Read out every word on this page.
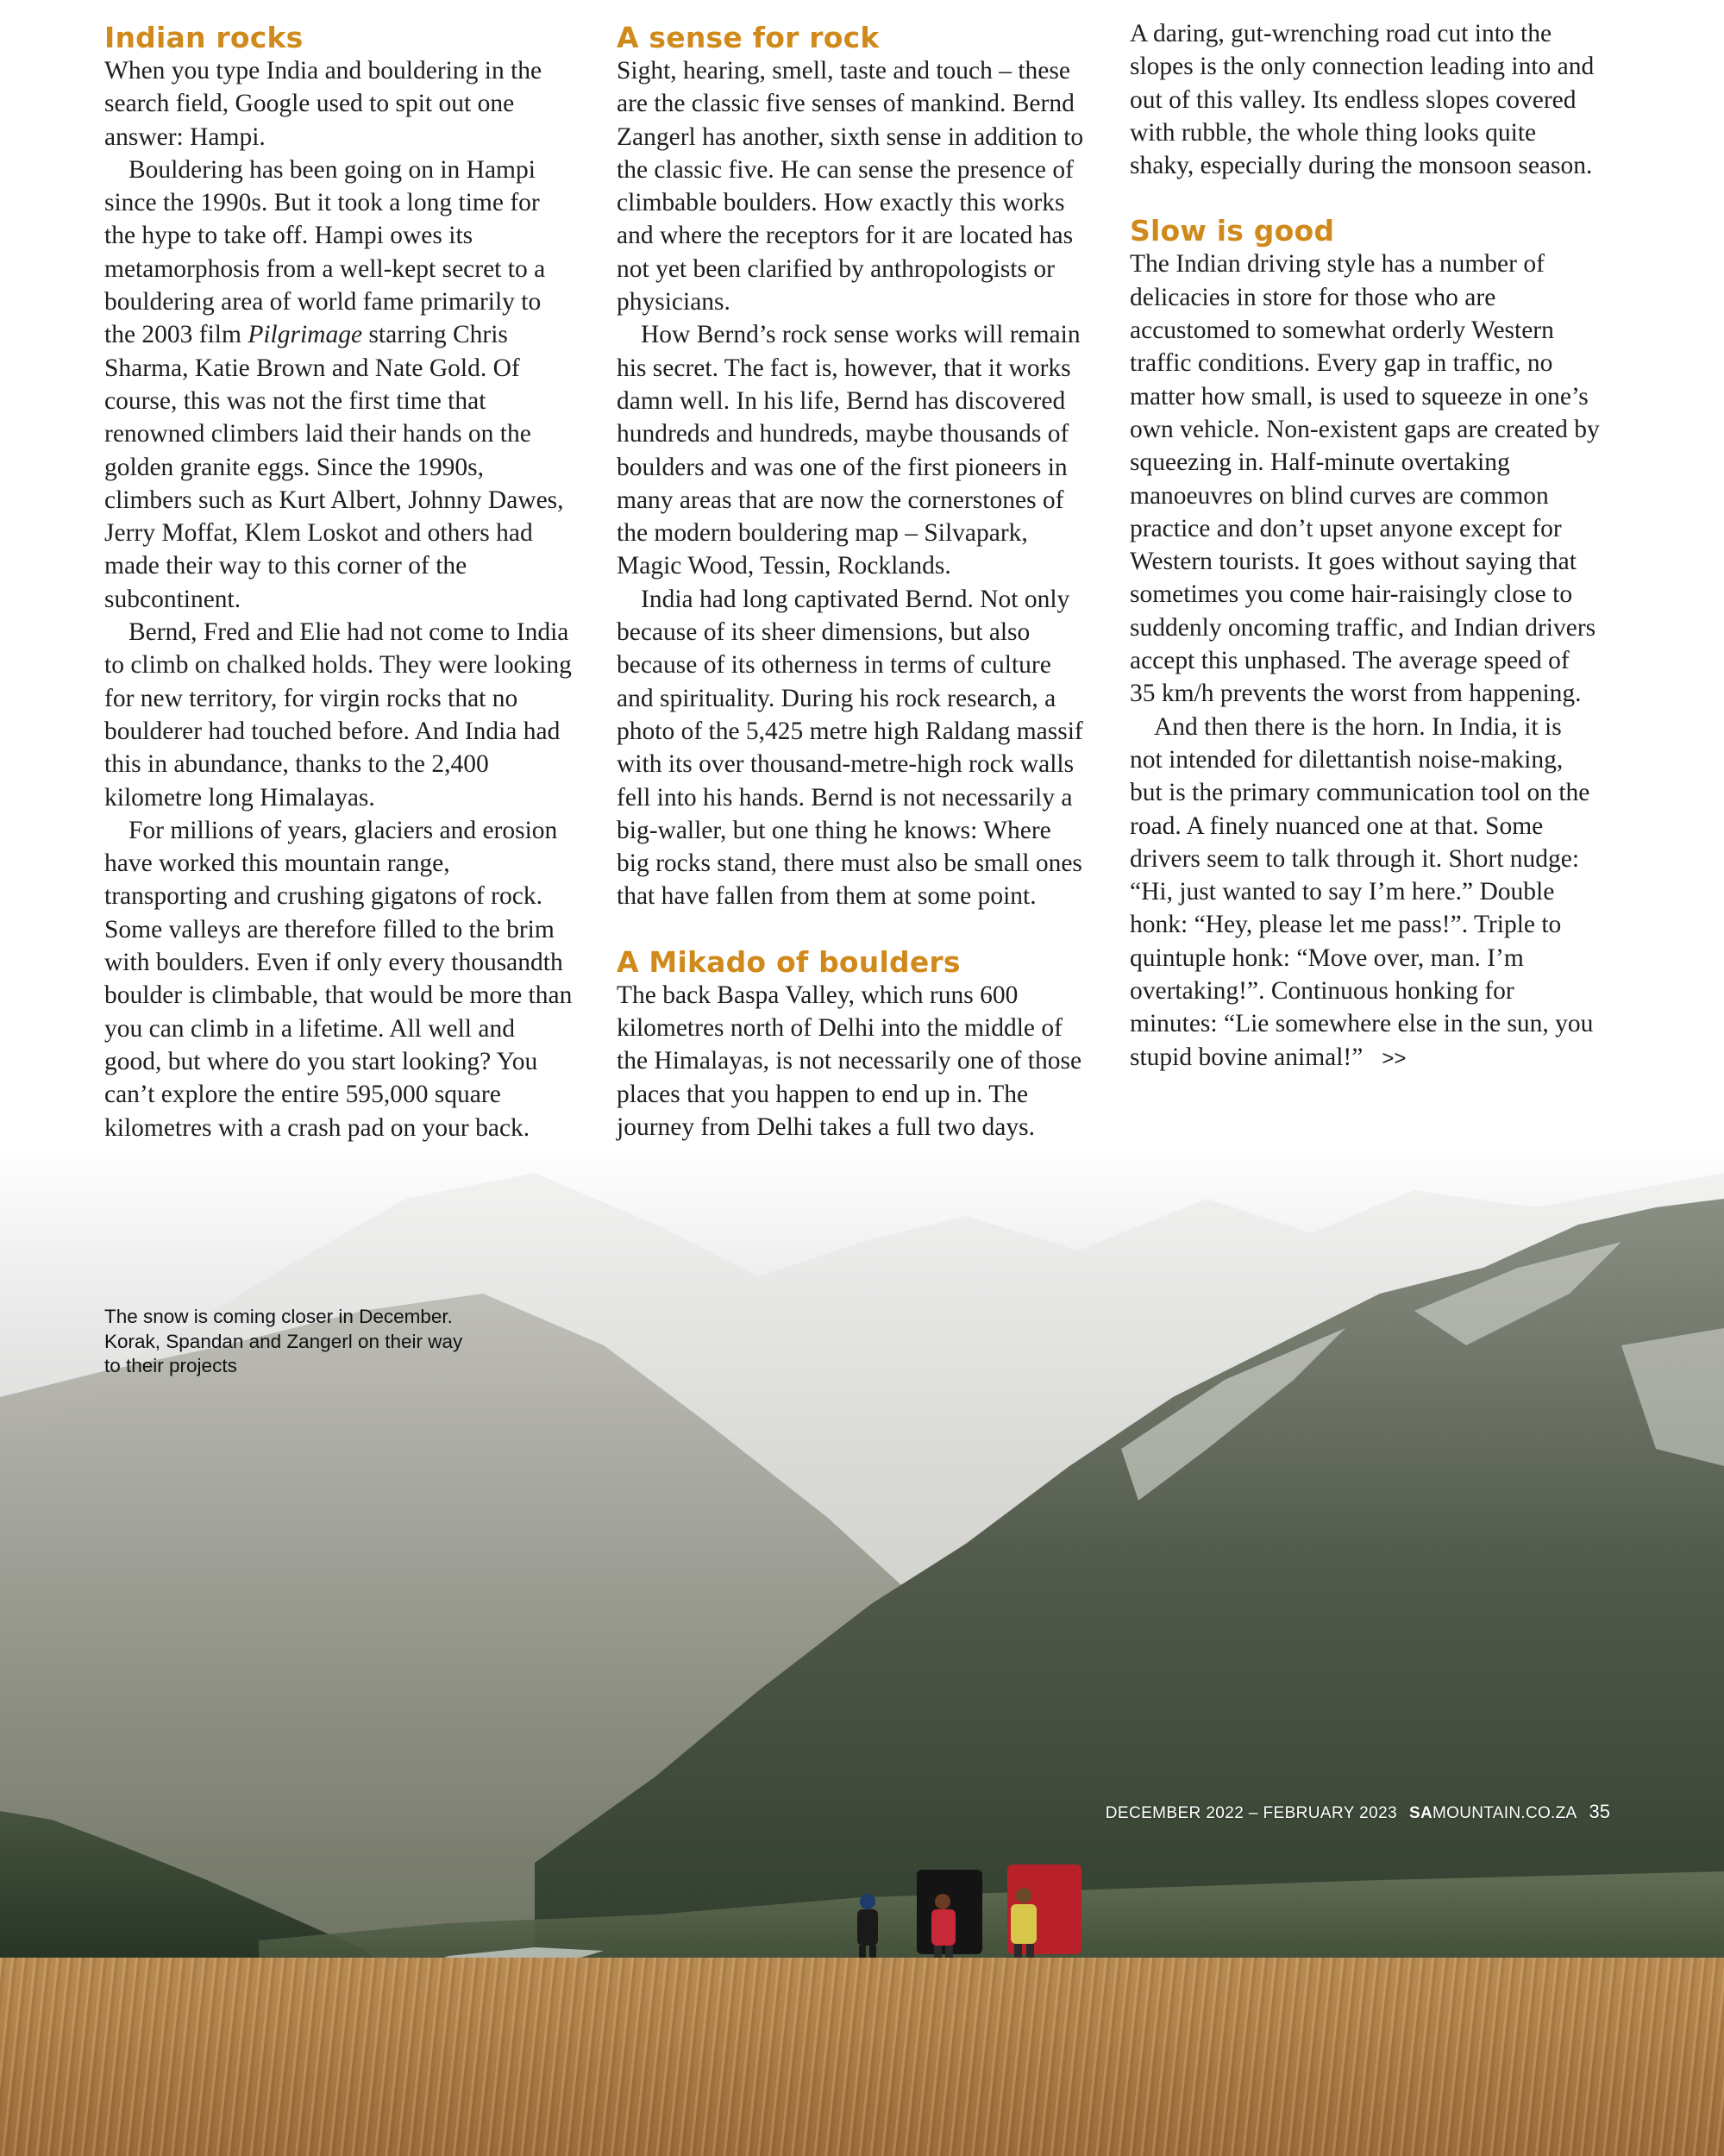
Indian rocks

When you type India and bouldering in the search field, Google used to spit out one answer: Hampi.

Bouldering has been going on in Hampi since the 1990s. But it took a long time for the hype to take off. Hampi owes its metamorphosis from a well-kept secret to a bouldering area of world fame primarily to the 2003 film Pilgrimage starring Chris Sharma, Katie Brown and Nate Gold. Of course, this was not the first time that renowned climbers laid their hands on the golden granite eggs. Since the 1990s, climbers such as Kurt Albert, Johnny Dawes, Jerry Moffat, Klem Loskot and others had made their way to this corner of the subcontinent.

Bernd, Fred and Elie had not come to India to climb on chalked holds. They were looking for new territory, for virgin rocks that no boulderer had touched before. And India had this in abundance, thanks to the 2,400 kilometre long Himalayas.

For millions of years, glaciers and erosion have worked this mountain range, transporting and crushing gigatons of rock. Some valleys are therefore filled to the brim with boulders. Even if only every thousandth boulder is climbable, that would be more than you can climb in a lifetime. All well and good, but where do you start looking? You can’t explore the entire 595,000 square kilometres with a crash pad on your back.

A sense for rock

Sight, hearing, smell, taste and touch – these are the classic five senses of mankind. Bernd Zangerl has another, sixth sense in addition to the classic five. He can sense the presence of climbable boulders. How exactly this works and where the receptors for it are located has not yet been clarified by anthropologists or physicians.

How Bernd’s rock sense works will remain his secret. The fact is, however, that it works damn well. In his life, Bernd has discovered hundreds and hundreds, maybe thousands of boulders and was one of the first pioneers in many areas that are now the cornerstones of the modern bouldering map – Silvapark, Magic Wood, Tessin, Rocklands.

India had long captivated Bernd. Not only because of its sheer dimensions, but also because of its otherness in terms of culture and spirituality. During his rock research, a photo of the 5,425 metre high Raldang massif with its over thousand-metre-high rock walls fell into his hands. Bernd is not necessarily a big-waller, but one thing he knows: Where big rocks stand, there must also be small ones that have fallen from them at some point.

A Mikado of boulders

The back Baspa Valley, which runs 600 kilometres north of Delhi into the middle of the Himalayas, is not necessarily one of those places that you happen to end up in. The journey from Delhi takes a full two days.

A daring, gut-wrenching road cut into the slopes is the only connection leading into and out of this valley. Its endless slopes covered with rubble, the whole thing looks quite shaky, especially during the monsoon season.

Slow is good

The Indian driving style has a number of delicacies in store for those who are accustomed to somewhat orderly Western traffic conditions. Every gap in traffic, no matter how small, is used to squeeze in one’s own vehicle. Non-existent gaps are created by squeezing in. Half-minute overtaking manoeuvres on blind curves are common practice and don’t upset anyone except for Western tourists. It goes without saying that sometimes you come hair-raisingly close to suddenly oncoming traffic, and Indian drivers accept this unphased. The average speed of 35 km/h prevents the worst from happening.

And then there is the horn. In India, it is not intended for dilettantish noise-making, but is the primary communication tool on the road. A finely nuanced one at that. Some drivers seem to talk through it. Short nudge: “Hi, just wanted to say I’m here.” Double honk: “Hey, please let me pass!”. Triple to quintuple honk: “Move over, man. I’m overtaking!”. Continuous honking for minutes: “Lie somewhere else in the sun, you stupid bovine animal!” >>

The snow is coming closer in December. Korak, Spandan and Zangerl on their way to their projects
DECEMBER 2022 – FEBRUARY 2023 SAMOUNTAIN.CO.ZA 35
